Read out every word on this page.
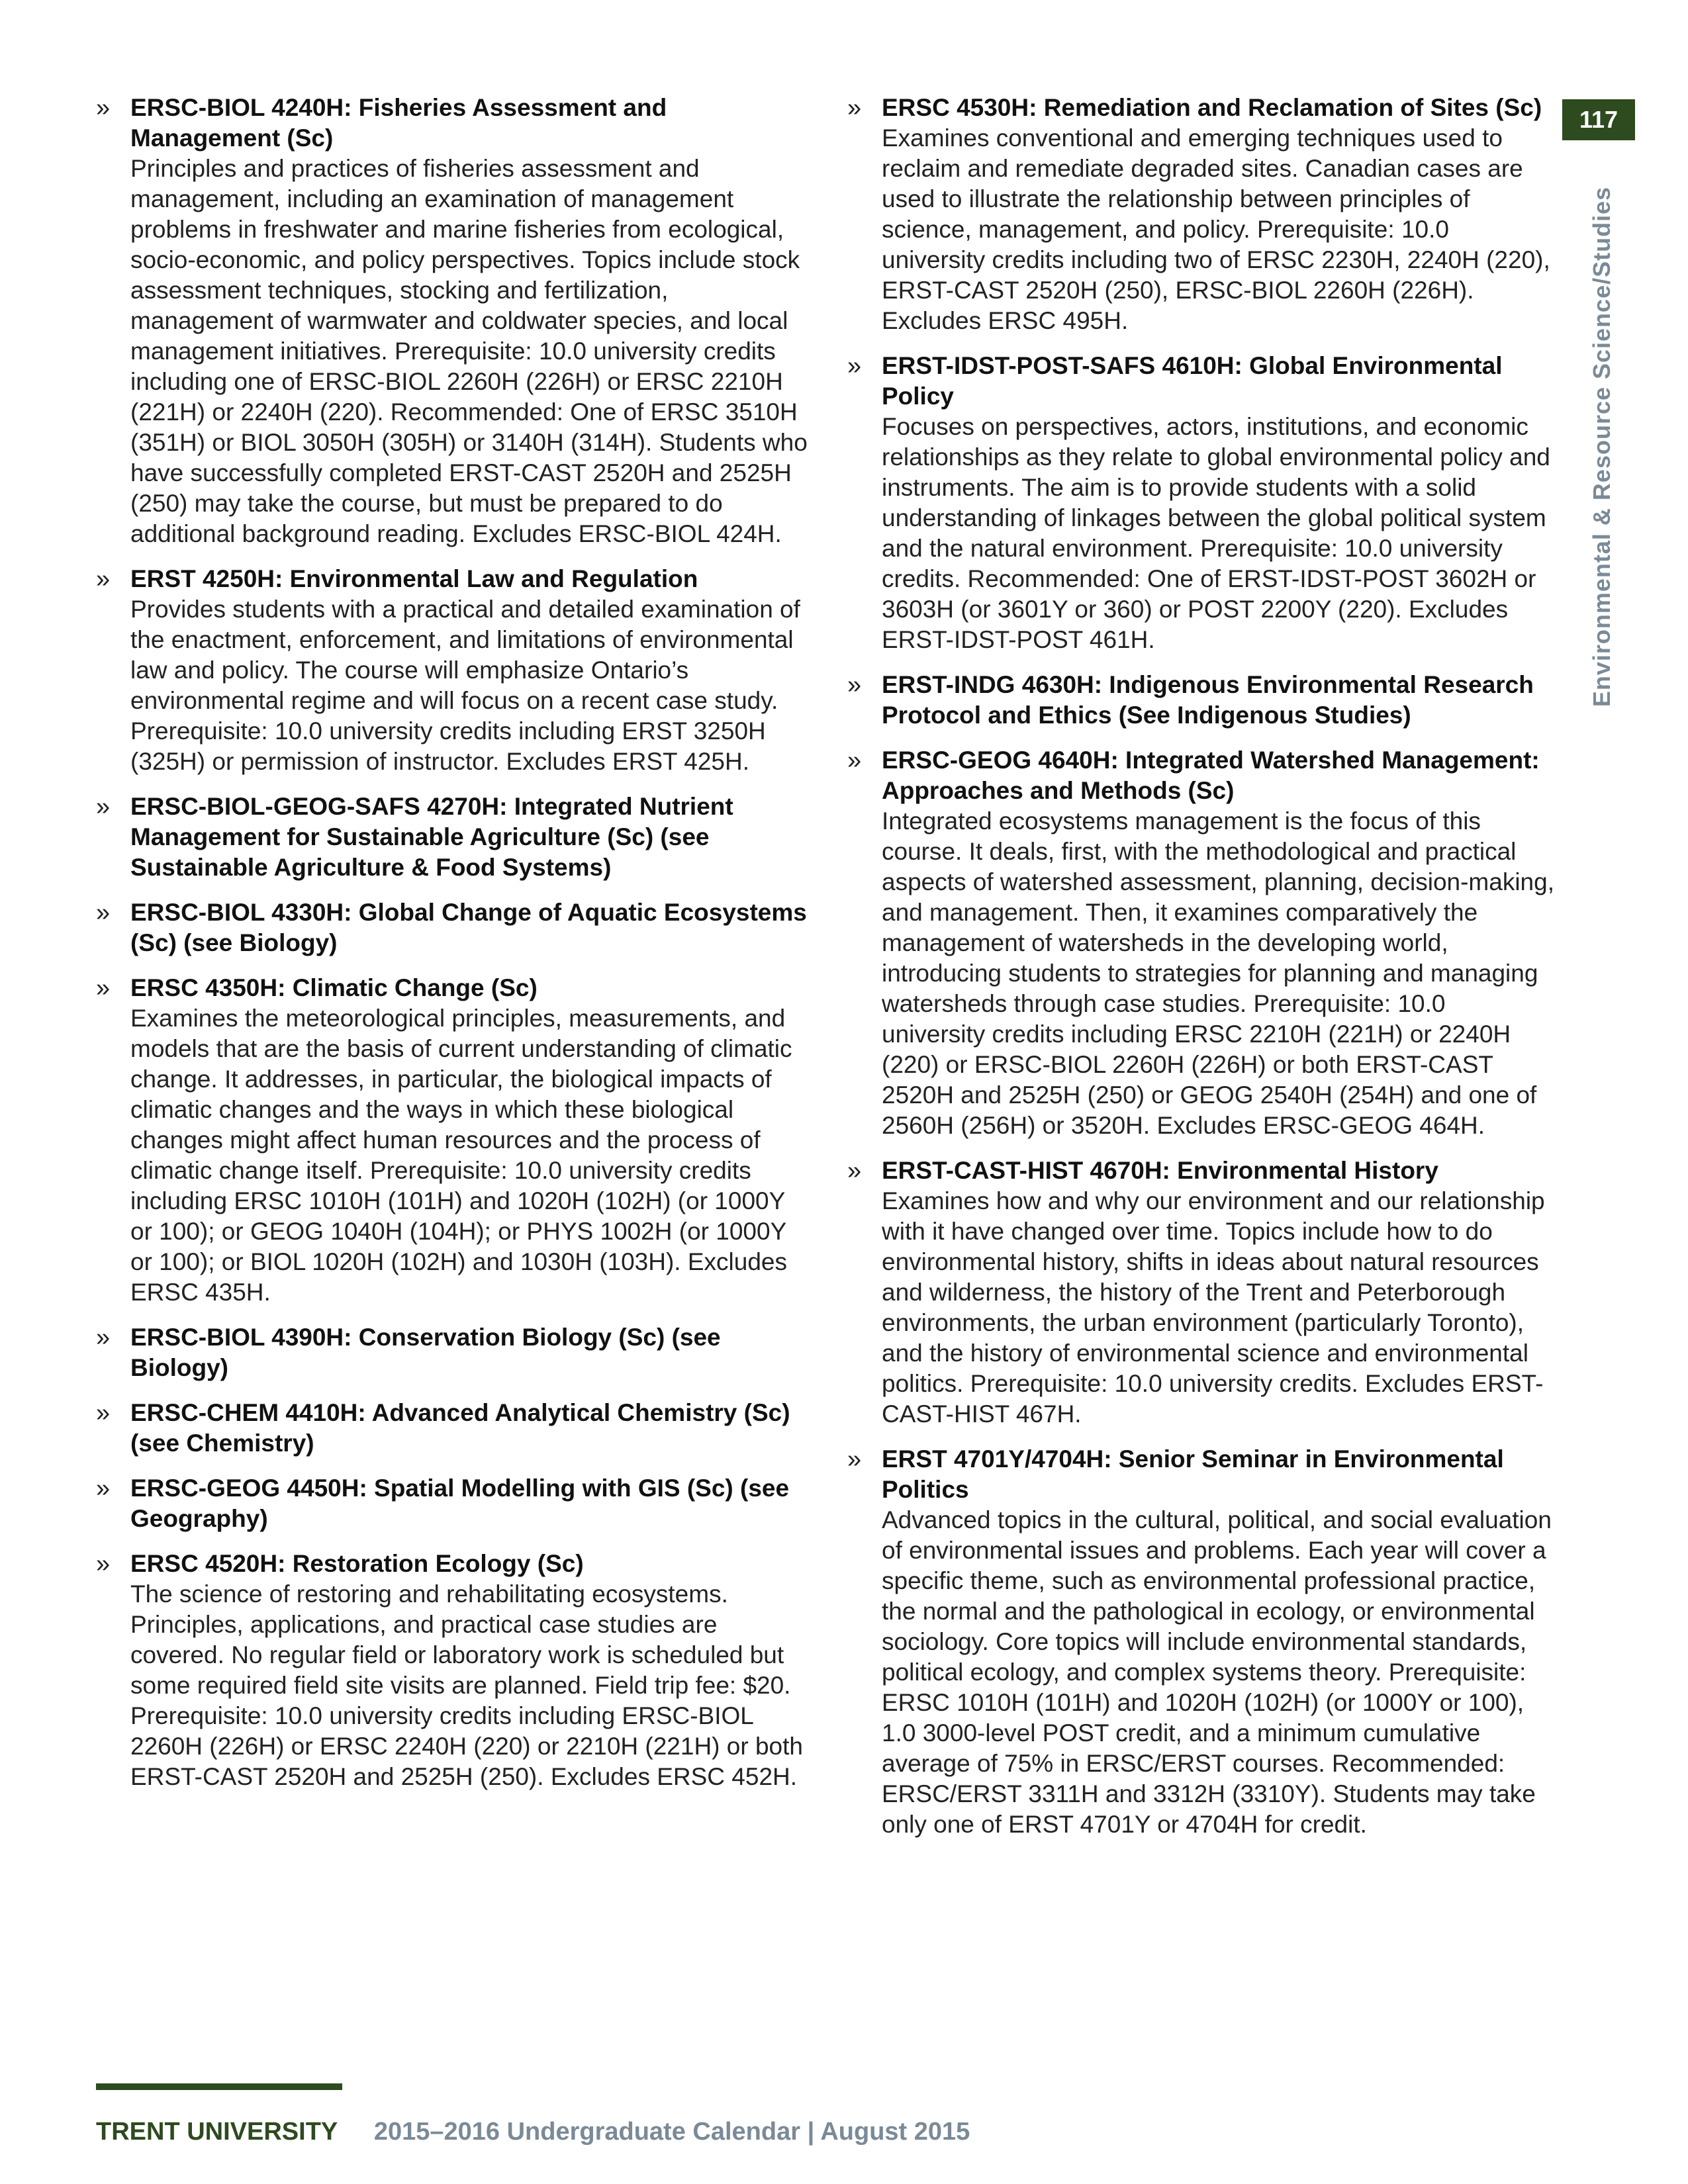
117
Environmental & Resource Science/Studies
» ERSC-BIOL 4240H: Fisheries Assessment and Management (Sc)
Principles and practices of fisheries assessment and management, including an examination of management problems in freshwater and marine fisheries from ecological, socio-economic, and policy perspectives. Topics include stock assessment techniques, stocking and fertilization, management of warmwater and coldwater species, and local management initiatives. Prerequisite: 10.0 university credits including one of ERSC-BIOL 2260H (226H) or ERSC 2210H (221H) or 2240H (220). Recommended: One of ERSC 3510H (351H) or BIOL 3050H (305H) or 3140H (314H). Students who have successfully completed ERST-CAST 2520H and 2525H (250) may take the course, but must be prepared to do additional background reading. Excludes ERSC-BIOL 424H.
» ERST 4250H: Environmental Law and Regulation
Provides students with a practical and detailed examination of the enactment, enforcement, and limitations of environmental law and policy. The course will emphasize Ontario’s environmental regime and will focus on a recent case study. Prerequisite: 10.0 university credits including ERST 3250H (325H) or permission of instructor. Excludes ERST 425H.
» ERSC-BIOL-GEOG-SAFS 4270H: Integrated Nutrient Management for Sustainable Agriculture (Sc) (see Sustainable Agriculture & Food Systems)
» ERSC-BIOL 4330H: Global Change of Aquatic Ecosystems (Sc) (see Biology)
» ERSC 4350H: Climatic Change (Sc)
Examines the meteorological principles, measurements, and models that are the basis of current understanding of climatic change. It addresses, in particular, the biological impacts of climatic changes and the ways in which these biological changes might affect human resources and the process of climatic change itself. Prerequisite: 10.0 university credits including ERSC 1010H (101H) and 1020H (102H) (or 1000Y or 100); or GEOG 1040H (104H); or PHYS 1002H (or 1000Y or 100); or BIOL 1020H (102H) and 1030H (103H). Excludes ERSC 435H.
» ERSC-BIOL 4390H: Conservation Biology (Sc) (see Biology)
» ERSC-CHEM 4410H: Advanced Analytical Chemistry (Sc) (see Chemistry)
» ERSC-GEOG 4450H: Spatial Modelling with GIS (Sc) (see Geography)
» ERSC 4520H: Restoration Ecology (Sc)
The science of restoring and rehabilitating ecosystems. Principles, applications, and practical case studies are covered. No regular field or laboratory work is scheduled but some required field site visits are planned. Field trip fee: $20. Prerequisite: 10.0 university credits including ERSC-BIOL 2260H (226H) or ERSC 2240H (220) or 2210H (221H) or both ERST-CAST 2520H and 2525H (250). Excludes ERSC 452H.
» ERSC 4530H: Remediation and Reclamation of Sites (Sc)
Examines conventional and emerging techniques used to reclaim and remediate degraded sites. Canadian cases are used to illustrate the relationship between principles of science, management, and policy. Prerequisite: 10.0 university credits including two of ERSC 2230H, 2240H (220), ERST-CAST 2520H (250), ERSC-BIOL 2260H (226H). Excludes ERSC 495H.
» ERST-IDST-POST-SAFS 4610H: Global Environmental Policy
Focuses on perspectives, actors, institutions, and economic relationships as they relate to global environmental policy and instruments. The aim is to provide students with a solid understanding of linkages between the global political system and the natural environment. Prerequisite: 10.0 university credits. Recommended: One of ERST-IDST-POST 3602H or 3603H (or 3601Y or 360) or POST 2200Y (220). Excludes ERST-IDST-POST 461H.
» ERST-INDG 4630H: Indigenous Environmental Research Protocol and Ethics (See Indigenous Studies)
» ERSC-GEOG 4640H: Integrated Watershed Management: Approaches and Methods (Sc)
Integrated ecosystems management is the focus of this course. It deals, first, with the methodological and practical aspects of watershed assessment, planning, decision-making, and management. Then, it examines comparatively the management of watersheds in the developing world, introducing students to strategies for planning and managing watersheds through case studies. Prerequisite: 10.0 university credits including ERSC 2210H (221H) or 2240H (220) or ERSC-BIOL 2260H (226H) or both ERST-CAST 2520H and 2525H (250) or GEOG 2540H (254H) and one of 2560H (256H) or 3520H. Excludes ERSC-GEOG 464H.
» ERST-CAST-HIST 4670H: Environmental History
Examines how and why our environment and our relationship with it have changed over time. Topics include how to do environmental history, shifts in ideas about natural resources and wilderness, the history of the Trent and Peterborough environments, the urban environment (particularly Toronto), and the history of environmental science and environmental politics. Prerequisite: 10.0 university credits. Excludes ERST-CAST-HIST 467H.
» ERST 4701Y/4704H: Senior Seminar in Environmental Politics
Advanced topics in the cultural, political, and social evaluation of environmental issues and problems. Each year will cover a specific theme, such as environmental professional practice, the normal and the pathological in ecology, or environmental sociology. Core topics will include environmental standards, political ecology, and complex systems theory. Prerequisite: ERSC 1010H (101H) and 1020H (102H) (or 1000Y or 100), 1.0 3000-level POST credit, and a minimum cumulative average of 75% in ERSC/ERST courses. Recommended: ERSC/ERST 3311H and 3312H (3310Y). Students may take only one of ERST 4701Y or 4704H for credit.
TRENT UNIVERSITY 2015–2016 Undergraduate Calendar | August 2015
